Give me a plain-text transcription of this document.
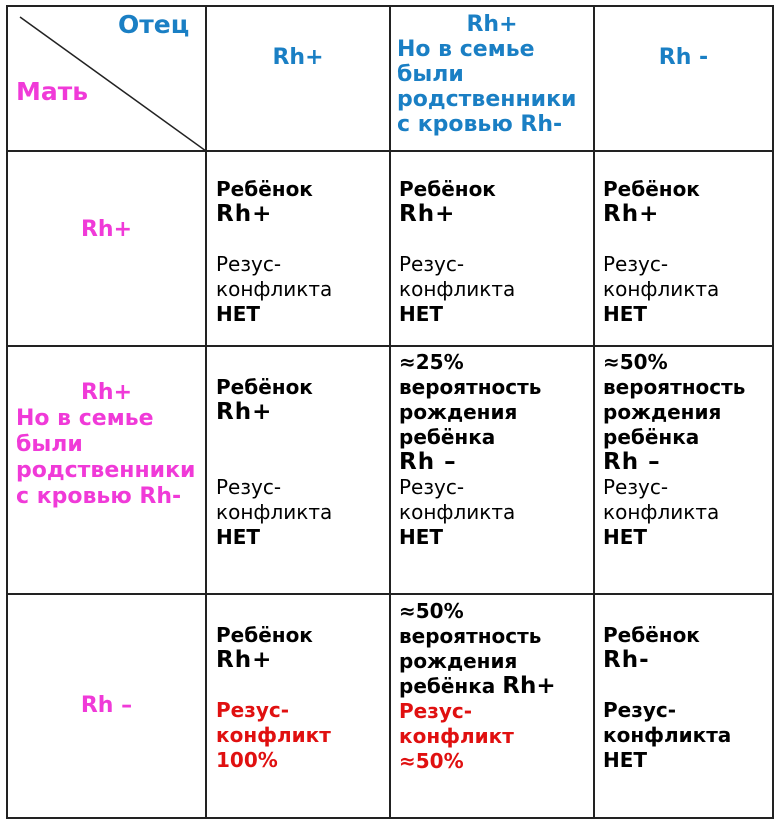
Отец
Мать
Rh+
Rh+
Но в семье
были
родственники
с кровью Rh-
Rh -
Rh+
Rh+
Но в семье
были
родственники
с кровью Rh-
Rh –
Ребёнок
Rh+
Резус-
конфликта
НЕТ
Ребёнок
Rh+
Резус-
конфликта
НЕТ
Ребёнок
Rh+
Резус-
конфликта
НЕТ
Ребёнок
Rh+
Резус-
конфликта
НЕТ
≈25%
вероятность
рождения
ребёнка
Rh –
Резус-
конфликта
НЕТ
≈50%
вероятность
рождения
ребёнка
Rh –
Резус-
конфликта
НЕТ
Ребёнок
Rh+
Резус-
конфликт
100%
≈50%
вероятность
рождения
ребёнка Rh+
Резус-
конфликт
≈50%
Ребёнок
Rh-
Резус-
конфликта
НЕТ
